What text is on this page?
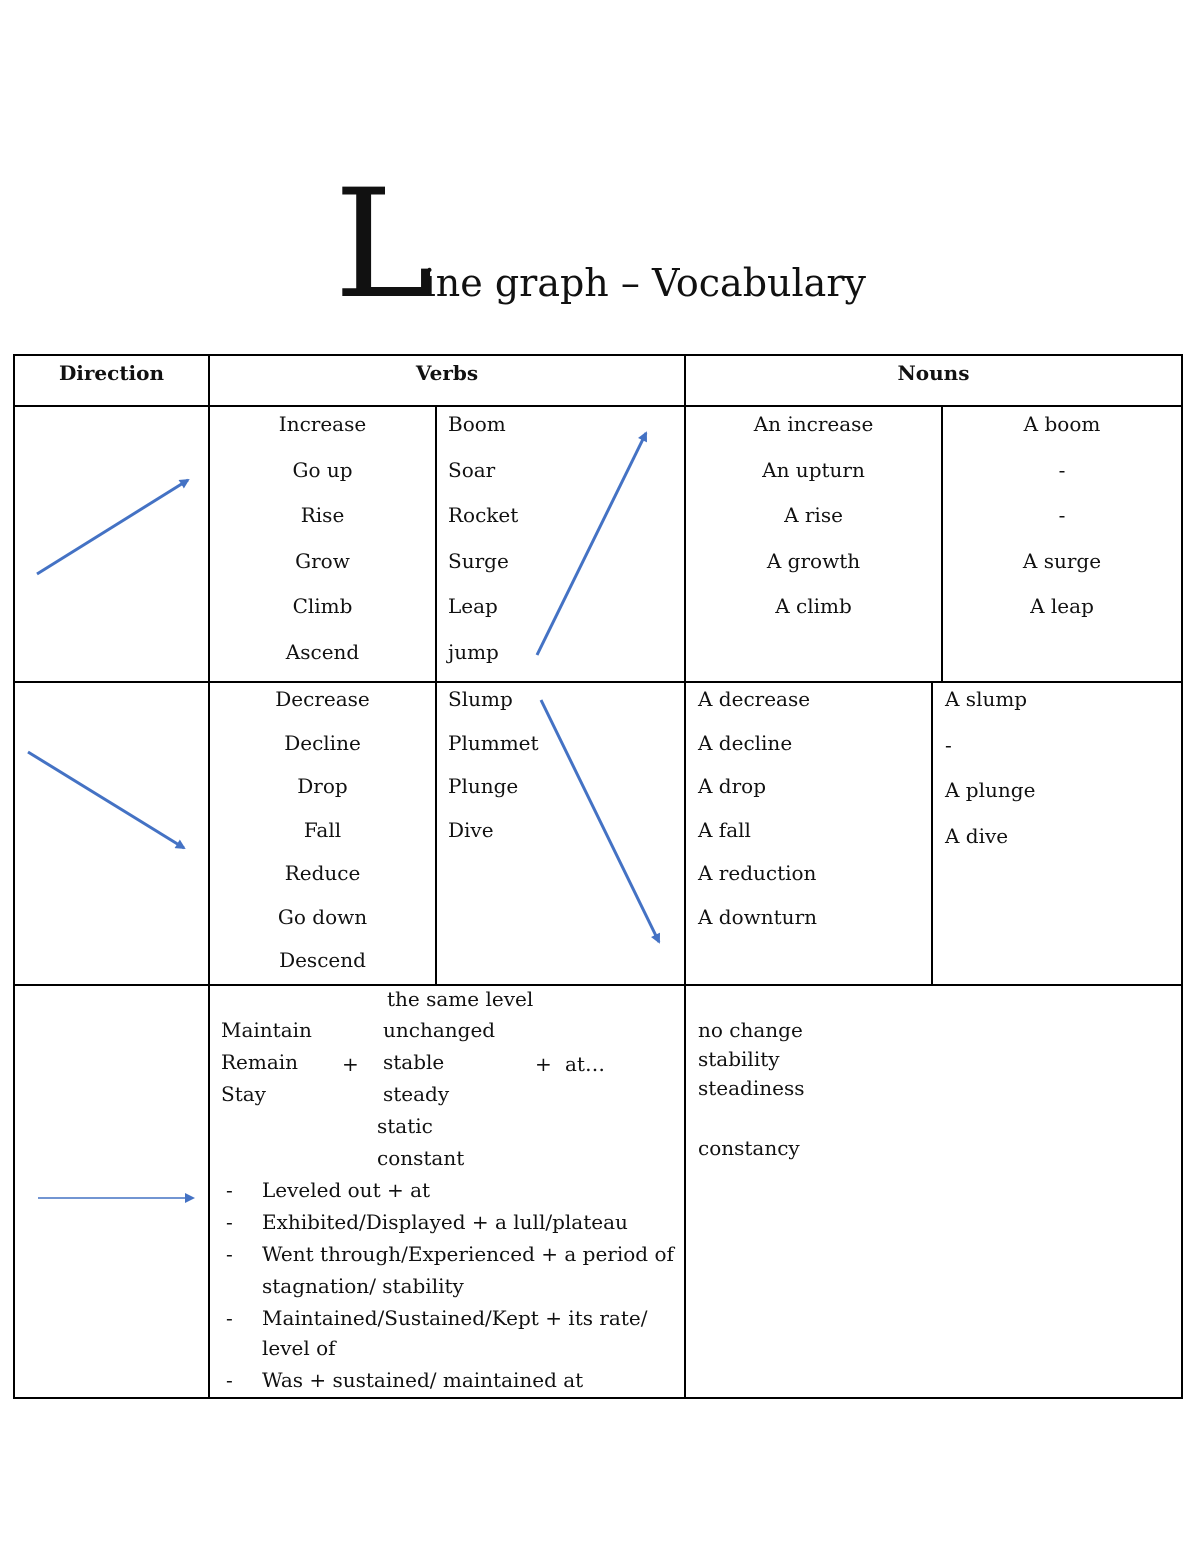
Line graph – Vocabulary
Direction	Verbs	Nouns
Increase
Go up
Rise
Grow
Climb
Ascend
Boom
Soar
Rocket
Surge
Leap
jump
An increase
An upturn
A rise
A growth
A climb
A boom
-
-
A surge
A leap
Decrease
Decline
Drop
Fall
Reduce
Go down
Descend
Slump
Plummet
Plunge
Dive
A decrease
A decline
A drop
A fall
A reduction
A downturn
A slump
-
A plunge
A dive
Maintain
Remain
Stay
+
the same level
unchanged
stable
steady
static
constant
+ at…
- Leveled out + at
- Exhibited/Displayed + a lull/plateau
- Went through/Experienced + a period of
stagnation/ stability
- Maintained/Sustained/Kept + its rate/
level of
- Was + sustained/ maintained at
no change
stability
steadiness
constancy
